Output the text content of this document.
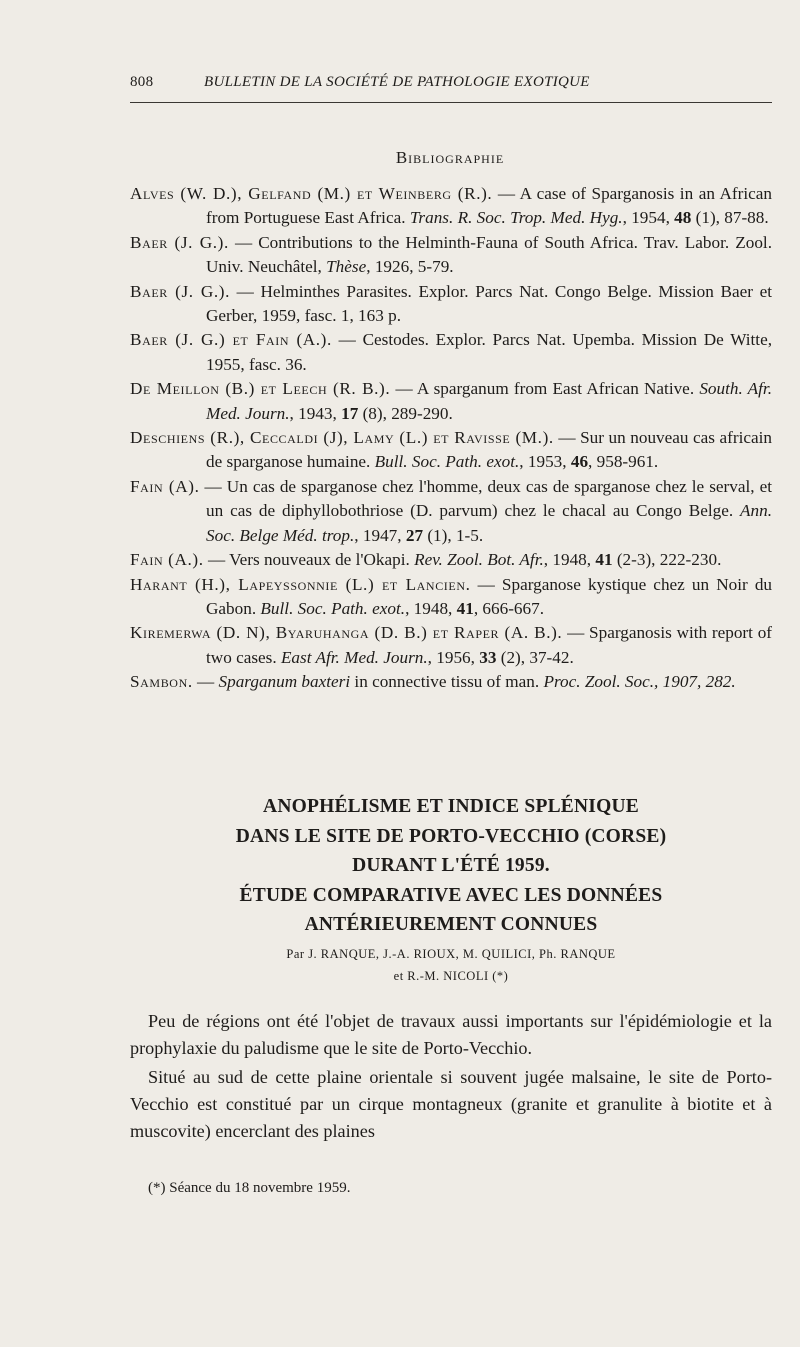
808	BULLETIN DE LA SOCIÉTÉ DE PATHOLOGIE EXOTIQUE
Bibliographie
Alves (W. D.), Gelfand (M.) et Weinberg (R.). — A case of Sparganosis in an African from Portuguese East Africa. Trans. R. Soc. Trop. Med. Hyg., 1954, 48 (1), 87-88.
Baer (J. G.). — Contributions to the Helminth-Fauna of South Africa. Trav. Labor. Zool. Univ. Neuchâtel, Thèse, 1926, 5-79.
Baer (J. G.). — Helminthes Parasites. Explor. Parcs Nat. Congo Belge. Mission Baer et Gerber, 1959, fasc. 1, 163 p.
Baer (J. G.) et Fain (A.). — Cestodes. Explor. Parcs Nat. Upemba. Mission De Witte, 1955, fasc. 36.
De Meillon (B.) et Leech (R. B.). — A sparganum from East African Native. South. Afr. Med. Journ., 1943, 17 (8), 289-290.
Deschiens (R.), Ceccaldi (J), Lamy (L.) et Ravisse (M.). — Sur un nouveau cas africain de sparganose humaine. Bull. Soc. Path. exot., 1953, 46, 958-961.
Fain (A). — Un cas de sparganose chez l'homme, deux cas de sparganose chez le serval, et un cas de diphyllobothriose (D. parvum) chez le chacal au Congo Belge. Ann. Soc. Belge Méd. trop., 1947, 27 (1), 1-5.
Fain (A.). — Vers nouveaux de l'Okapi. Rev. Zool. Bot. Afr., 1948, 41 (2-3), 222-230.
Harant (H.), Lapeyssonnie (L.) et Lancien. — Sparganose kystique chez un Noir du Gabon. Bull. Soc. Path. exot., 1948, 41, 666-667.
Kiremerwa (D. N), Byaruhanga (D. B.) et Raper (A. B.). — Sparganosis with report of two cases. East Afr. Med. Journ., 1956, 33 (2), 37-42.
Sambon. — Sparganum baxteri in connective tissu of man. Proc. Zool. Soc., 1907, 282.
ANOPHÉLISME ET INDICE SPLÉNIQUE
DANS LE SITE DE PORTO-VECCHIO (CORSE)
DURANT L'ÉTÉ 1959.
ÉTUDE COMPARATIVE AVEC LES DONNÉES
ANTÉRIEUREMENT CONNUES
Par J. RANQUE, J.-A. RIOUX, M. QUILICI, Ph. RANQUE
et R.-M. NICOLI (*)

Peu de régions ont été l'objet de travaux aussi importants sur l'épidémiologie et la prophylaxie du paludisme que le site de Porto-Vecchio.

Situé au sud de cette plaine orientale si souvent jugée malsaine, le site de Porto-Vecchio est constitué par un cirque montagneux (granite et granulite à biotite et à muscovite) encerclant des plaines

(*) Séance du 18 novembre 1959.
